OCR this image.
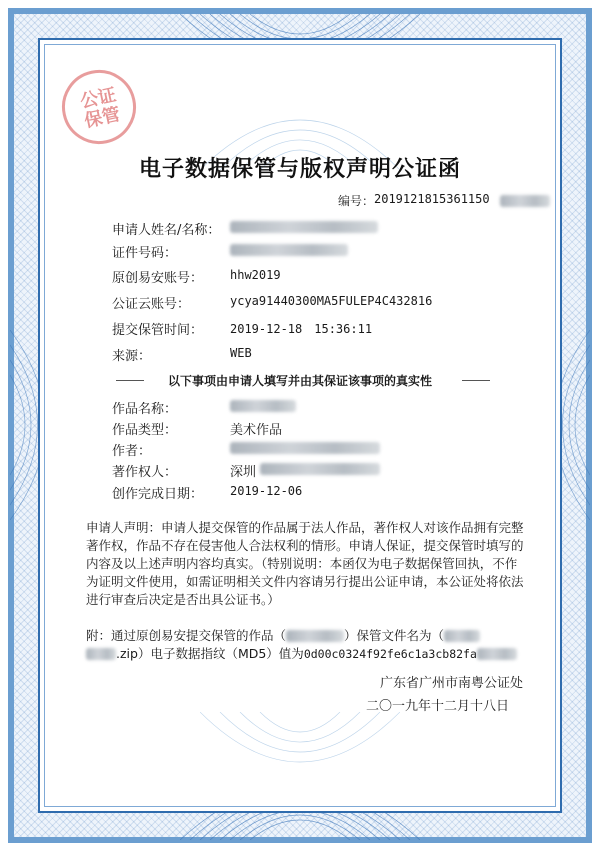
公证保管
电子数据保管与版权声明公证函
编号： 2019121815361150
申请人姓名/名称：
证件号码：
原创易安账号： hhw2019
公证云账号：	ycya91440300MA5FULEP4C432816
提交保管时间： 2019-12-18　15:36:11
来源：	WEB
以下事项由申请人填写并由其保证该事项的真实性
作品名称：
作品类型：	美术作品
作者：
著作权人：	深圳
创作完成日期： 2019-12-06
申请人声明：申请人提交保管的作品属于法人作品，著作权人对该作品拥有完整著作权，作品不存在侵害他人合法权利的情形。申请人保证，提交保管时填写的内容及以上述声明内容均真实。（特别说明：本函仅为电子数据保管回执，不作为证明文件使用，如需证明相关文件内容请另行提出公证申请，本公证处将依法进行审查后决定是否出具公证书。）
附：通过原创易安提交保管的作品（	）保管文件名为（
.zip）电子数据指纹（MD5）值为0d00c0324f92fe6c1a3cb82fa
广东省广州市南粤公证处
二〇一九年十二月十八日
